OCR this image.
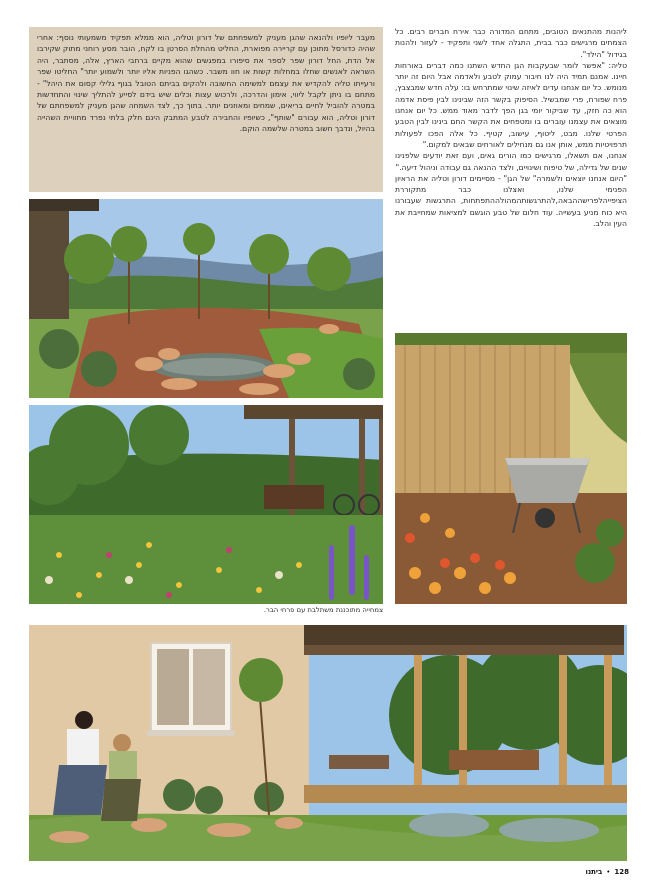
ליהנות מהתנאים הטובים, מתחם המדורה כבר אירח חברים רבים. כל הצמחים מרגישים כבר בבית, התגלה אחד לשני ותפקיד - לעזור ולהנות בגידול "הילד".

טליה: "אפשר לומר שבעקבות הגן החדש השתנו כמה דברים באורחות חיינו. אמנם תמיד היה לנו חיבור עמוק לטבע ולאדמה אבל היום זה יותר מנומש. כל יום אנחנו עדים לאיזה שינוי שמתרחש בו: עלה חדש שמבצבץ, פרח שפורח, פרי שמבשיל. הסיפוק בקשר הזה שבינינו לבין פיסת אדמה הוא כה חזק, עד שביקור יומי בגן הפך לדבר מאוד ממש. כל יום אנחנו מוצאים את עצמנו עוברים בו ומטפחים את הקשר החם בינינו לבין הטבע הפרטי שלנו. מבט, ליטוף, עישוב, קטיף. כל אלה הפכו לפעולות תרפויטיות ממש, אותן אנו גם מנחילים לאורחים שבאים למקום."

אנחנו, אם תשאלו, מרגישים כמו הורים גאים, ועם זאת יודעים שלפנינו שנים של גדילה, של טיפוח ושינויים, ולצד ההנאה גם עבודה וניהול דיעה."

"היום אנחנו יוצאים ולשמרה" של הגן" - מסיימים דורון וטליה את הראיון הפנימי שלנו, ואצלנו כבר מתקוררת הציפייהלפרישההבאה,להתרגשותהמהולההתפתחות, התרגשות שעבורנו היא כוח מניע בעשייה. עוד חלום של טבע הוגשם למציאות שמחייבת את העין והלב.

מעבר ליופיו ולהנאה שהגן מעניק למשפחתם של דורון וטליה, הוא ממלא תפקיד משמעותי נוסף: אחרי שהיה כדורסל מתוכן עם קריירה מפוארת, החליט מהחלת הסרטן בו לקח, הובר מסע רוחני מתוק שקירבו אל הדת, החל דורון שפר לספר את סיפורו במפגשים שהוא מקיים ברחבי הארץ, אלה, מסתבר, היה השראה לאנשים שחלו במחלות קשות או חוו משבר. כשהגו הפניות אליו יותר ולשמוע יותר" החליטו שפר ורעייתו טליה להקדיש את עצמם למשימה החשובה ולהקים בביתם הטובל בגוף גלילי קסום את היהל" - מתחם בו ניתן לקבל ליווי, אימון והדרכה, ולרכוש עצות וכלים שיש בידם לסייע להתליך שינוי והתחדשות במטרה להוביל לחיים בריאים, שמחים ומאוזנים יותר. בתוך כך, לצד השמחה שהגן מעניק למשפחתם של דורון וטליה, הוא עבורם "שותף", כשיופיו והחבירה לטבע המתבק הינם חלק בלתי נפרד מחוויית השהייה בהיול, ונדבך חשוב במטרה שלשמה הוקם.

צמחייה מתוכננת משתלבת עם פרחי הבר.
ביתנו • 128
